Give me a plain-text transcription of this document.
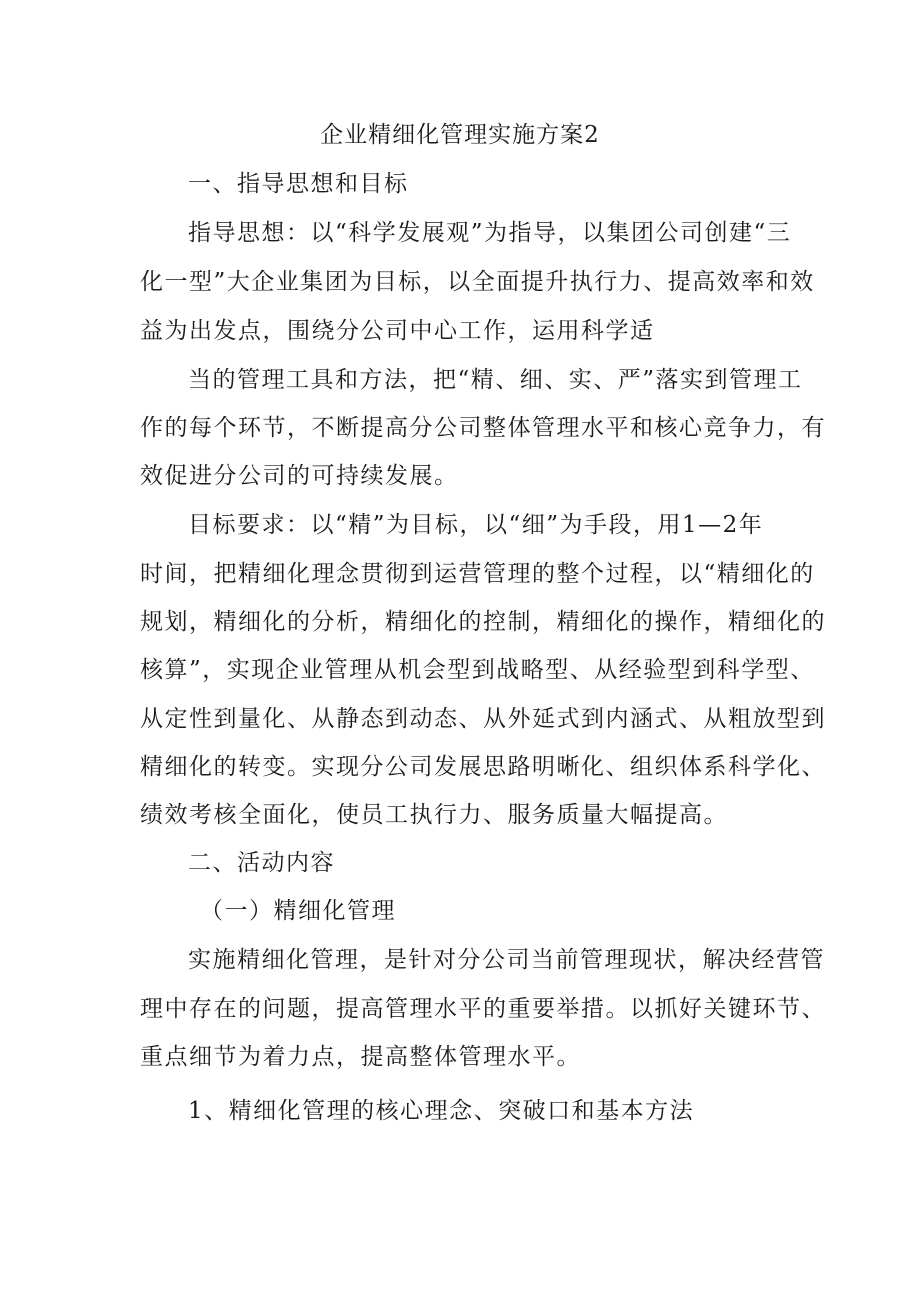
企业精细化管理实施方案2
一、指导思想和目标
指导思想：以“科学发展观”为指导，以集团公司创建“三
化一型”大企业集团为目标，以全面提升执行力、提高效率和效
益为出发点，围绕分公司中心工作，运用科学适
当的管理工具和方法，把“精、细、实、严”落实到管理工
作的每个环节，不断提高分公司整体管理水平和核心竞争力，有
效促进分公司的可持续发展。
目标要求：以“精”为目标，以“细”为手段，用1—2年
时间，把精细化理念贯彻到运营管理的整个过程，以“精细化的
规划，精细化的分析，精细化的控制，精细化的操作，精细化的
核算”，实现企业管理从机会型到战略型、从经验型到科学型、
从定性到量化、从静态到动态、从外延式到内涵式、从粗放型到
精细化的转变。实现分公司发展思路明晰化、组织体系科学化、
绩效考核全面化，使员工执行力、服务质量大幅提高。
二、活动内容
（一）精细化管理
实施精细化管理，是针对分公司当前管理现状，解决经营管
理中存在的问题，提高管理水平的重要举措。以抓好关键环节、
重点细节为着力点，提高整体管理水平。
1、精细化管理的核心理念、突破口和基本方法
